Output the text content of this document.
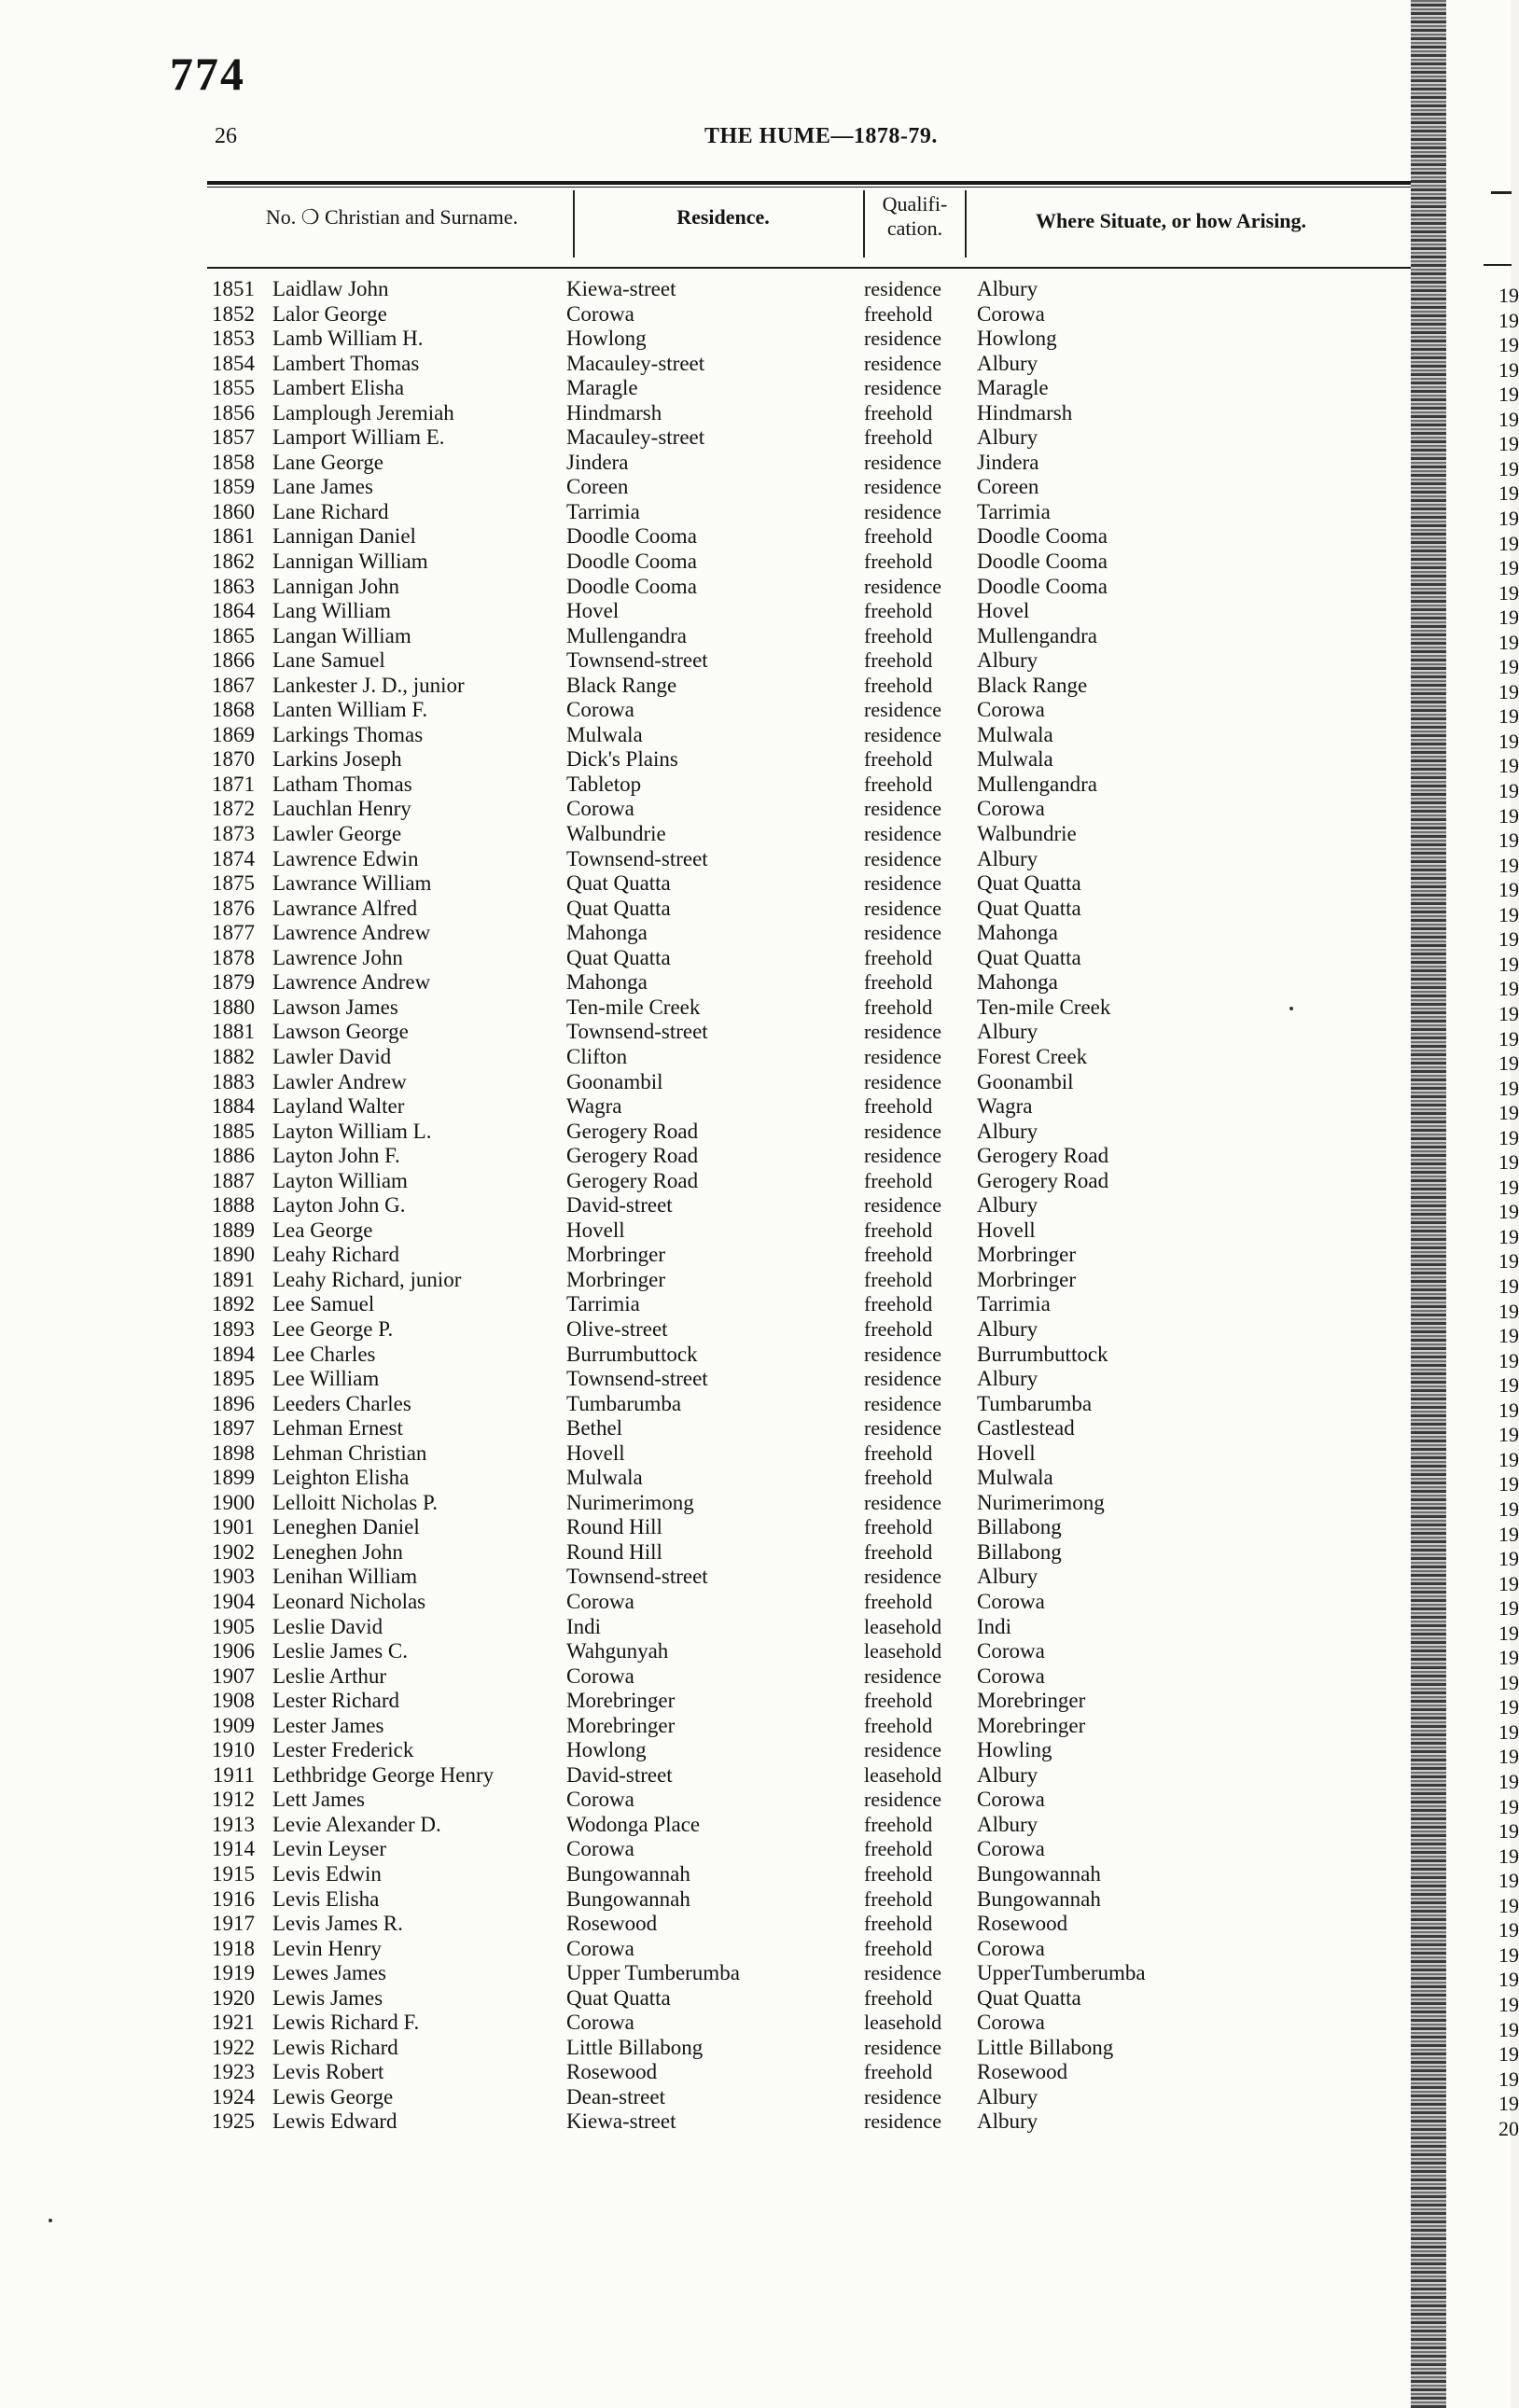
774
26	THE HUME—1878-79.
No. ❍ Christian and Surname.	Residence.
Qualifi-
cation.	Where Situate, or how Arising.
1851 Laidlaw John	Kiewa-street	residence Albury
1852 Lalor George	Corowa	freehold Corowa
1853 Lamb William H.	Howlong	residence Howlong
1854 Lambert Thomas	Macauley-street	residence Albury
1855 Lambert Elisha	Maragle	residence Maragle
1856 Lamplough Jeremiah	Hindmarsh	freehold Hindmarsh
1857 Lamport William E.	Macauley-street	freehold Albury
1858 Lane George	Jindera	residence Jindera
1859 Lane James	Coreen	residence Coreen
1860 Lane Richard	Tarrimia	residence Tarrimia
1861 Lannigan Daniel	Doodle Cooma	freehold Doodle Cooma
1862 Lannigan William	Doodle Cooma	freehold Doodle Cooma
1863 Lannigan John	Doodle Cooma	residence Doodle Cooma
1864 Lang William	Hovel	freehold Hovel
1865 Langan William	Mullengandra	freehold Mullengandra
1866 Lane Samuel	Townsend-street	freehold Albury
1867 Lankester J. D., junior	Black Range	freehold Black Range
1868 Lanten William F.	Corowa	residence Corowa
1869 Larkings Thomas	Mulwala	residence Mulwala
1870 Larkins Joseph	Dick's Plains	freehold Mulwala
1871 Latham Thomas	Tabletop	freehold Mullengandra
1872 Lauchlan Henry	Corowa	residence Corowa
1873 Lawler George	Walbundrie	residence Walbundrie
1874 Lawrence Edwin	Townsend-street	residence Albury
1875 Lawrance William	Quat Quatta	residence Quat Quatta
1876 Lawrance Alfred	Quat Quatta	residence Quat Quatta
1877 Lawrence Andrew	Mahonga	residence Mahonga
1878 Lawrence John	Quat Quatta	freehold Quat Quatta
1879 Lawrence Andrew	Mahonga	freehold Mahonga
1880 Lawson James	Ten-mile Creek	freehold Ten-mile Creek
1881 Lawson George	Townsend-street	residence Albury
1882 Lawler David	Clifton	residence Forest Creek
1883 Lawler Andrew	Goonambil	residence Goonambil
1884 Layland Walter	Wagra	freehold Wagra
1885 Layton William L.	Gerogery Road	residence Albury
1886 Layton John F.	Gerogery Road	residence Gerogery Road
1887 Layton William	Gerogery Road	freehold Gerogery Road
1888 Layton John G.	David-street	residence Albury
1889 Lea George	Hovell	freehold Hovell
1890 Leahy Richard	Morbringer	freehold Morbringer
1891 Leahy Richard, junior	Morbringer	freehold Morbringer
1892 Lee Samuel	Tarrimia	freehold Tarrimia
1893 Lee George P.	Olive-street	freehold Albury
1894 Lee Charles	Burrumbuttock	residence Burrumbuttock
1895 Lee William	Townsend-street	residence Albury
1896 Leeders Charles	Tumbarumba	residence Tumbarumba
1897 Lehman Ernest	Bethel	residence Castlestead
1898 Lehman Christian	Hovell	freehold Hovell
1899 Leighton Elisha	Mulwala	freehold Mulwala
1900 Lelloitt Nicholas P.	Nurimerimong	residence Nurimerimong
1901 Leneghen Daniel	Round Hill	freehold Billabong
1902 Leneghen John	Round Hill	freehold Billabong
1903 Lenihan William	Townsend-street	residence Albury
1904 Leonard Nicholas	Corowa	freehold Corowa
1905 Leslie David	Indi	leasehold Indi
1906 Leslie James C.	Wahgunyah	leasehold Corowa
1907 Leslie Arthur	Corowa	residence Corowa
1908 Lester Richard	Morebringer	freehold Morebringer
1909 Lester James	Morebringer	freehold Morebringer
1910 Lester Frederick	Howlong	residence Howling
1911 Lethbridge George Henry	David-street	leasehold Albury
1912 Lett James	Corowa	residence Corowa
1913 Levie Alexander D.	Wodonga Place	freehold Albury
1914 Levin Leyser	Corowa	freehold Corowa
1915 Levis Edwin	Bungowannah	freehold Bungowannah
1916 Levis Elisha	Bungowannah	freehold Bungowannah
1917 Levis James R.	Rosewood	freehold Rosewood
1918 Levin Henry	Corowa	freehold Corowa
1919 Lewes James	Upper Tumberumba	residence UpperTumberumba
1920 Lewis James	Quat Quatta	freehold Quat Quatta
1921 Lewis Richard F.	Corowa	leasehold Corowa
1922 Lewis Richard	Little Billabong	residence Little Billabong
1923 Levis Robert	Rosewood	freehold Rosewood
1924 Lewis George	Dean-street	residence Albury
1925 Lewis Edward	Kiewa-street	residence Albury
19
19
19
19
19
19
19
19
19
19
19
19
19
19
19
19
19
19
19
19
19
19
19
19
19
19
19
19
19
19
19
19
19
19
19
19
19
19
19
19
19
19
19
19
19
19
19
19
19
19
19
19
19
19
19
19
19
19
19
19
19
19
19
19
19
19
19
19
19
19
19
19
19
19
20
